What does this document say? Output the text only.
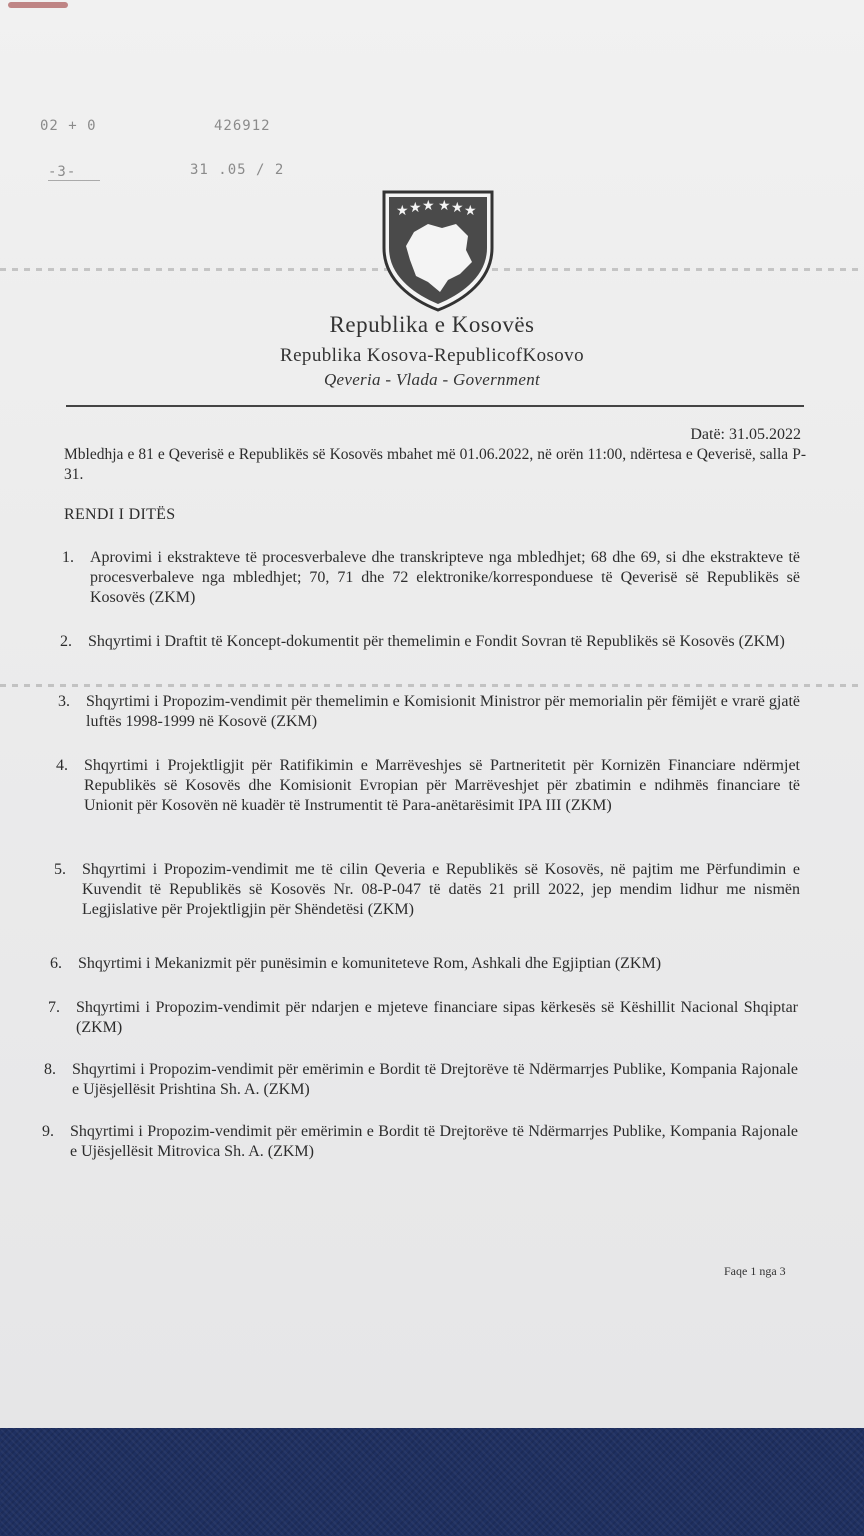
02 + 0	426912
-3-	31 .05 / 2
★ ★ ★ ★ ★ ★
Republika e Kosovës
Republika Kosova-RepublicofKosovo
Qeveria - Vlada - Government
Datë: 31.05.2022
Mbledhja e 81 e Qeverisë e Republikës së Kosovës mbahet më 01.06.2022, në orën 11:00, ndërtesa e Qeverisë, salla P-31.
RENDI I DITËS
1. Aprovimi i ekstrakteve të procesverbaleve dhe transkripteve nga mbledhjet; 68 dhe 69, si dhe ekstrakteve të procesverbaleve nga mbledhjet; 70, 71 dhe 72 elektronike/korresponduese të Qeverisë së Republikës së Kosovës (ZKM)
2. Shqyrtimi i Draftit të Koncept-dokumentit për themelimin e Fondit Sovran të Republikës së Kosovës (ZKM)
3. Shqyrtimi i Propozim-vendimit për themelimin e Komisionit Ministror për memorialin për fëmijët e vrarë gjatë luftës 1998-1999 në Kosovë (ZKM)
4. Shqyrtimi i Projektligjit për Ratifikimin e Marrëveshjes së Partneritetit për Kornizën Financiare ndërmjet Republikës së Kosovës dhe Komisionit Evropian për Marrëveshjet për zbatimin e ndihmës financiare të Unionit për Kosovën në kuadër të Instrumentit të Para-anëtarësimit IPA III (ZKM)
5. Shqyrtimi i Propozim-vendimit me të cilin Qeveria e Republikës së Kosovës, në pajtim me Përfundimin e Kuvendit të Republikës së Kosovës Nr. 08-P-047 të datës 21 prill 2022, jep mendim lidhur me nismën Legjislative për Projektligjin për Shëndetësi (ZKM)
6. Shqyrtimi i Mekanizmit për punësimin e komuniteteve Rom, Ashkali dhe Egjiptian (ZKM)
7. Shqyrtimi i Propozim-vendimit për ndarjen e mjeteve financiare sipas kërkesës së Këshillit Nacional Shqiptar (ZKM)
8. Shqyrtimi i Propozim-vendimit për emërimin e Bordit të Drejtorëve të Ndërmarrjes Publike, Kompania Rajonale e Ujësjellësit Prishtina Sh. A. (ZKM)
9. Shqyrtimi i Propozim-vendimit për emërimin e Bordit të Drejtorëve të Ndërmarrjes Publike, Kompania Rajonale e Ujësjellësit Mitrovica Sh. A. (ZKM)
Faqe 1 nga 3
